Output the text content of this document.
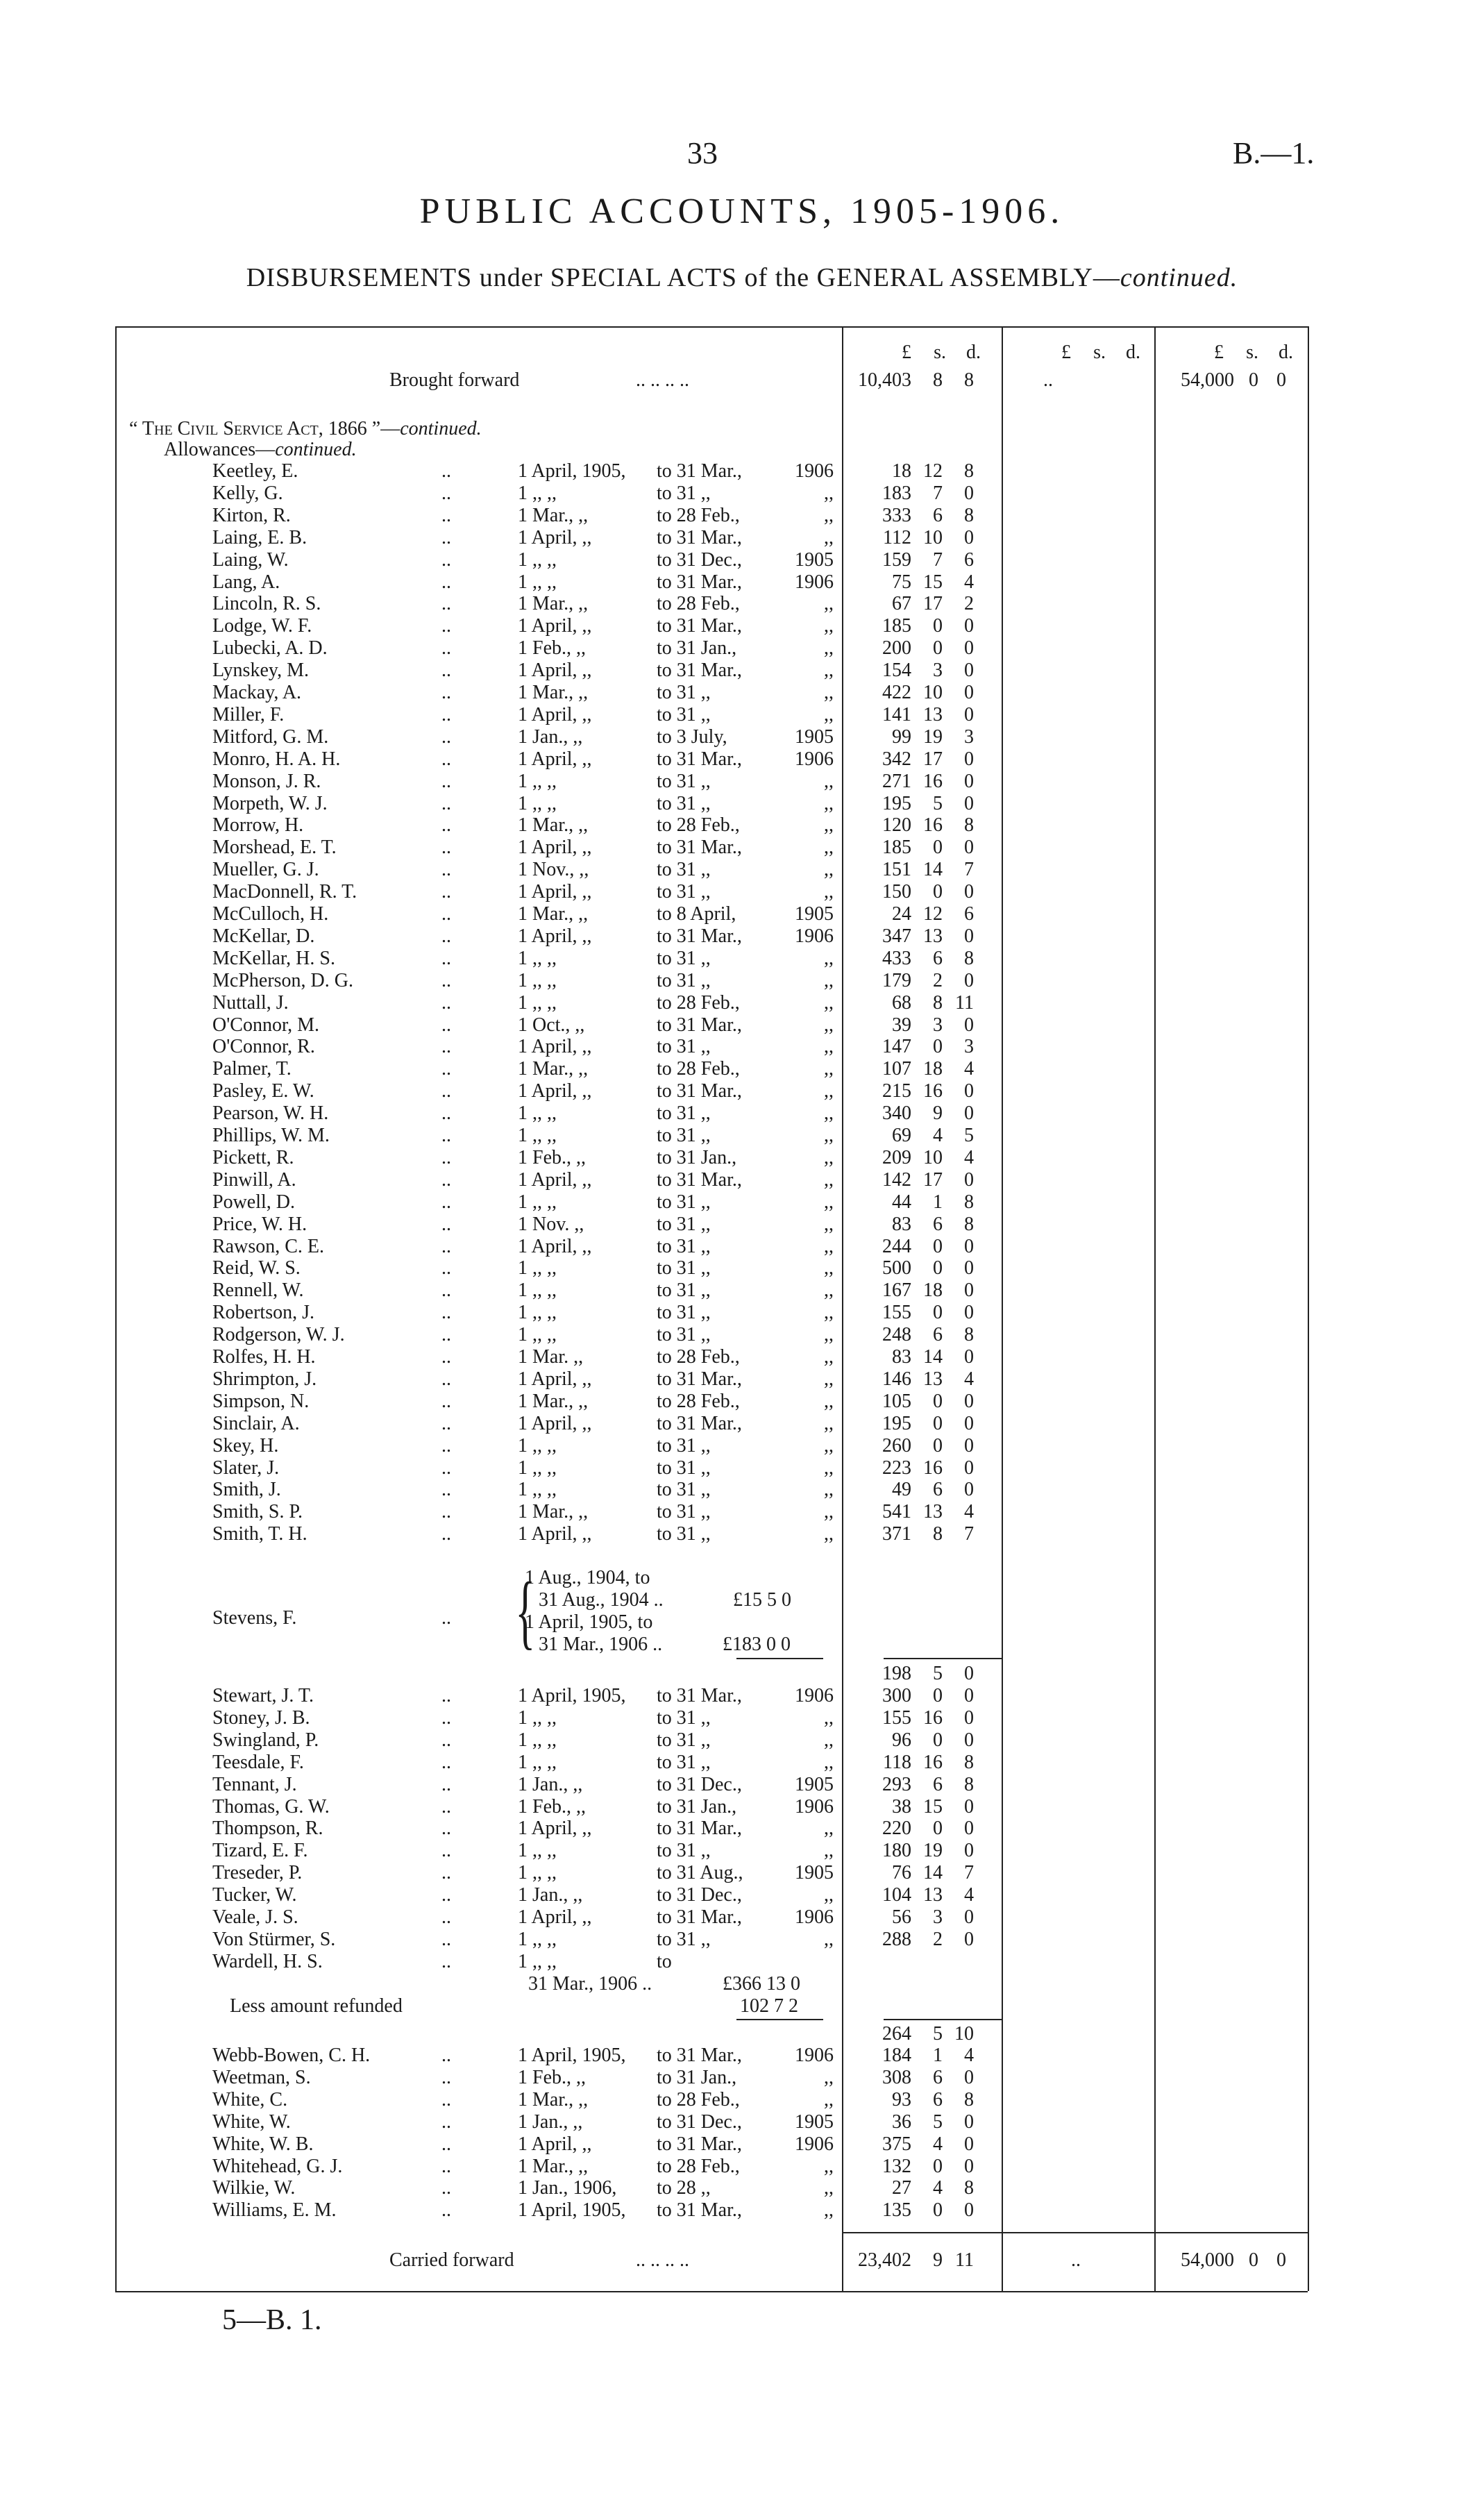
33	B.—1.
PUBLIC ACCOUNTS, 1905-1906.
DISBURSEMENTS under SPECIAL ACTS of the GENERAL ASSEMBLY—continued.
£	s.	d.	£	s.	d.	£	s.	d.
Brought forward	.. .. .. ..	10,403	8	8	..	54,000 0 0
“ The Civil Service Act, 1866 ”—continued.
Allowances—continued.
Keetley, E.	..	1 April, 1905, to 31 Mar.,	1906	18 12	8
Kelly, G.	..	1 ,, ,,	to 31 ,,	,,	183	7	0
Kirton, R.	..	1 Mar., ,,	to 28 Feb.,	,,	333	6	8
Laing, E. B.	..	1 April, ,,	to 31 Mar.,	,,	112 10	0
Laing, W.	..	1 ,, ,,	to 31 Dec.,	1905	159	7	6
Lang, A.	..	1 ,, ,,	to 31 Mar.,	1906	75 15	4
Lincoln, R. S.	..	1 Mar., ,,	to 28 Feb.,	,,	67 17	2
Lodge, W. F.	..	1 April, ,,	to 31 Mar.,	,,	185	0	0
Lubecki, A. D.	..	1 Feb., ,,	to 31 Jan.,	,,	200	0	0
Lynskey, M.	..	1 April, ,,	to 31 Mar.,	,,	154	3	0
Mackay, A.	..	1 Mar., ,,	to 31 ,,	,,	422 10	0
Miller, F.	..	1 April, ,,	to 31 ,,	,,	141 13	0
Mitford, G. M.	..	1 Jan., ,,	to 3 July,	1905	99 19	3
Monro, H. A. H.	..	1 April, ,,	to 31 Mar.,	1906	342 17	0
Monson, J. R.	..	1 ,, ,,	to 31 ,,	,,	271 16	0
Morpeth, W. J.	..	1 ,, ,,	to 31 ,,	,,	195	5	0
Morrow, H.	..	1 Mar., ,,	to 28 Feb.,	,,	120 16	8
Morshead, E. T.	..	1 April, ,,	to 31 Mar.,	,,	185	0	0
Mueller, G. J.	..	1 Nov., ,,	to 31 ,,	,,	151 14	7
MacDonnell, R. T.	..	1 April, ,,	to 31 ,,	,,	150	0	0
McCulloch, H.	..	1 Mar., ,,	to 8 April,	1905	24 12	6
McKellar, D.	..	1 April, ,,	to 31 Mar.,	1906	347 13	0
McKellar, H. S.	..	1 ,, ,,	to 31 ,,	,,	433	6	8
McPherson, D. G.	..	1 ,, ,,	to 31 ,,	,,	179	2	0
Nuttall, J.	..	1 ,, ,,	to 28 Feb.,	,,	68	8 11
O'Connor, M.	..	1 Oct., ,,	to 31 Mar.,	,,	39	3	0
O'Connor, R.	..	1 April, ,,	to 31 ,,	,,	147	0	3
Palmer, T.	..	1 Mar., ,,	to 28 Feb.,	,,	107 18	4
Pasley, E. W.	..	1 April, ,,	to 31 Mar.,	,,	215 16	0
Pearson, W. H.	..	1 ,, ,,	to 31 ,,	,,	340	9	0
Phillips, W. M.	..	1 ,, ,,	to 31 ,,	,,	69	4	5
Pickett, R.	..	1 Feb., ,,	to 31 Jan.,	,,	209 10	4
Pinwill, A.	..	1 April, ,,	to 31 Mar.,	,,	142 17	0
Powell, D.	..	1 ,, ,,	to 31 ,,	,,	44	1	8
Price, W. H.	..	1 Nov. ,,	to 31 ,,	,,	83	6	8
Rawson, C. E.	..	1 April, ,,	to 31 ,,	,,	244	0	0
Reid, W. S.	..	1 ,, ,,	to 31 ,,	,,	500	0	0
Rennell, W.	..	1 ,, ,,	to 31 ,,	,,	167 18	0
Robertson, J.	..	1 ,, ,,	to 31 ,,	,,	155	0	0
Rodgerson, W. J.	..	1 ,, ,,	to 31 ,,	,,	248	6	8
Rolfes, H. H.	..	1 Mar. ,,	to 28 Feb.,	,,	83 14	0
Shrimpton, J.	..	1 April, ,,	to 31 Mar.,	,,	146 13	4
Simpson, N.	..	1 Mar., ,,	to 28 Feb.,	,,	105	0	0
Sinclair, A.	..	1 April, ,,	to 31 Mar.,	,,	195	0	0
Skey, H.	..	1 ,, ,,	to 31 ,,	,,	260	0	0
Slater, J.	..	1 ,, ,,	to 31 ,,	,,	223 16	0
Smith, J.	..	1 ,, ,,	to 31 ,,	,,	49	6	0
Smith, S. P.	..	1 Mar., ,,	to 31 ,,	,,	541 13	4
Smith, T. H.	..	1 April, ,,	to 31 ,,	,,	371	8	7
Stevens, F.	.. {
1 Aug., 1904, to
31 Aug., 1904 ..	£15 5 0
1 April, 1905, to
31 Mar., 1906 ..	£183 0 0
198	5	0
Stewart, J. T.	..	1 April, 1905, to 31 Mar.,	1906	300	0	0
Stoney, J. B.	..	1 ,, ,,	to 31 ,,	,,	155 16	0
Swingland, P.	..	1 ,, ,,	to 31 ,,	,,	96	0	0
Teesdale, F.	..	1 ,, ,,	to 31 ,,	,,	118 16	8
Tennant, J.	..	1 Jan., ,,	to 31 Dec.,	1905	293	6	8
Thomas, G. W.	..	1 Feb., ,,	to 31 Jan.,	1906	38 15	0
Thompson, R.	..	1 April, ,,	to 31 Mar.,	,,	220	0	0
Tizard, E. F.	..	1 ,, ,,	to 31 ,,	,,	180 19	0
Treseder, P.	..	1 ,, ,,	to 31 Aug.,	1905	76 14	7
Tucker, W.	..	1 Jan., ,,	to 31 Dec.,	,,	104 13	4
Veale, J. S.	..	1 April, ,,	to 31 Mar.,	1906	56	3	0
Von Stürmer, S.	..	1 ,, ,,	to 31 ,,	,,	288	2	0
Wardell, H. S.	..	1 ,, ,,	to
31 Mar., 1906 ..	£366 13 0
Less amount refunded	102 7 2
264	5 10
Webb-Bowen, C. H.	..	1 April, 1905, to 31 Mar.,	1906	184	1	4
Weetman, S.	..	1 Feb., ,,	to 31 Jan.,	,,	308	6	0
White, C.	..	1 Mar., ,,	to 28 Feb.,	,,	93	6	8
White, W.	..	1 Jan., ,,	to 31 Dec.,	1905	36	5	0
White, W. B.	..	1 April, ,,	to 31 Mar.,	1906	375	4	0
Whitehead, G. J.	..	1 Mar., ,,	to 28 Feb.,	,,	132	0	0
Wilkie, W.	..	1 Jan., 1906, to 28 ,,	,,	27	4	8
Williams, E. M.	..	1 April, 1905, to 31 Mar.,	,,	135	0	0
Carried forward	.. .. .. ..	23,402	9 11	..	54,000 0 0
5—B. 1.
